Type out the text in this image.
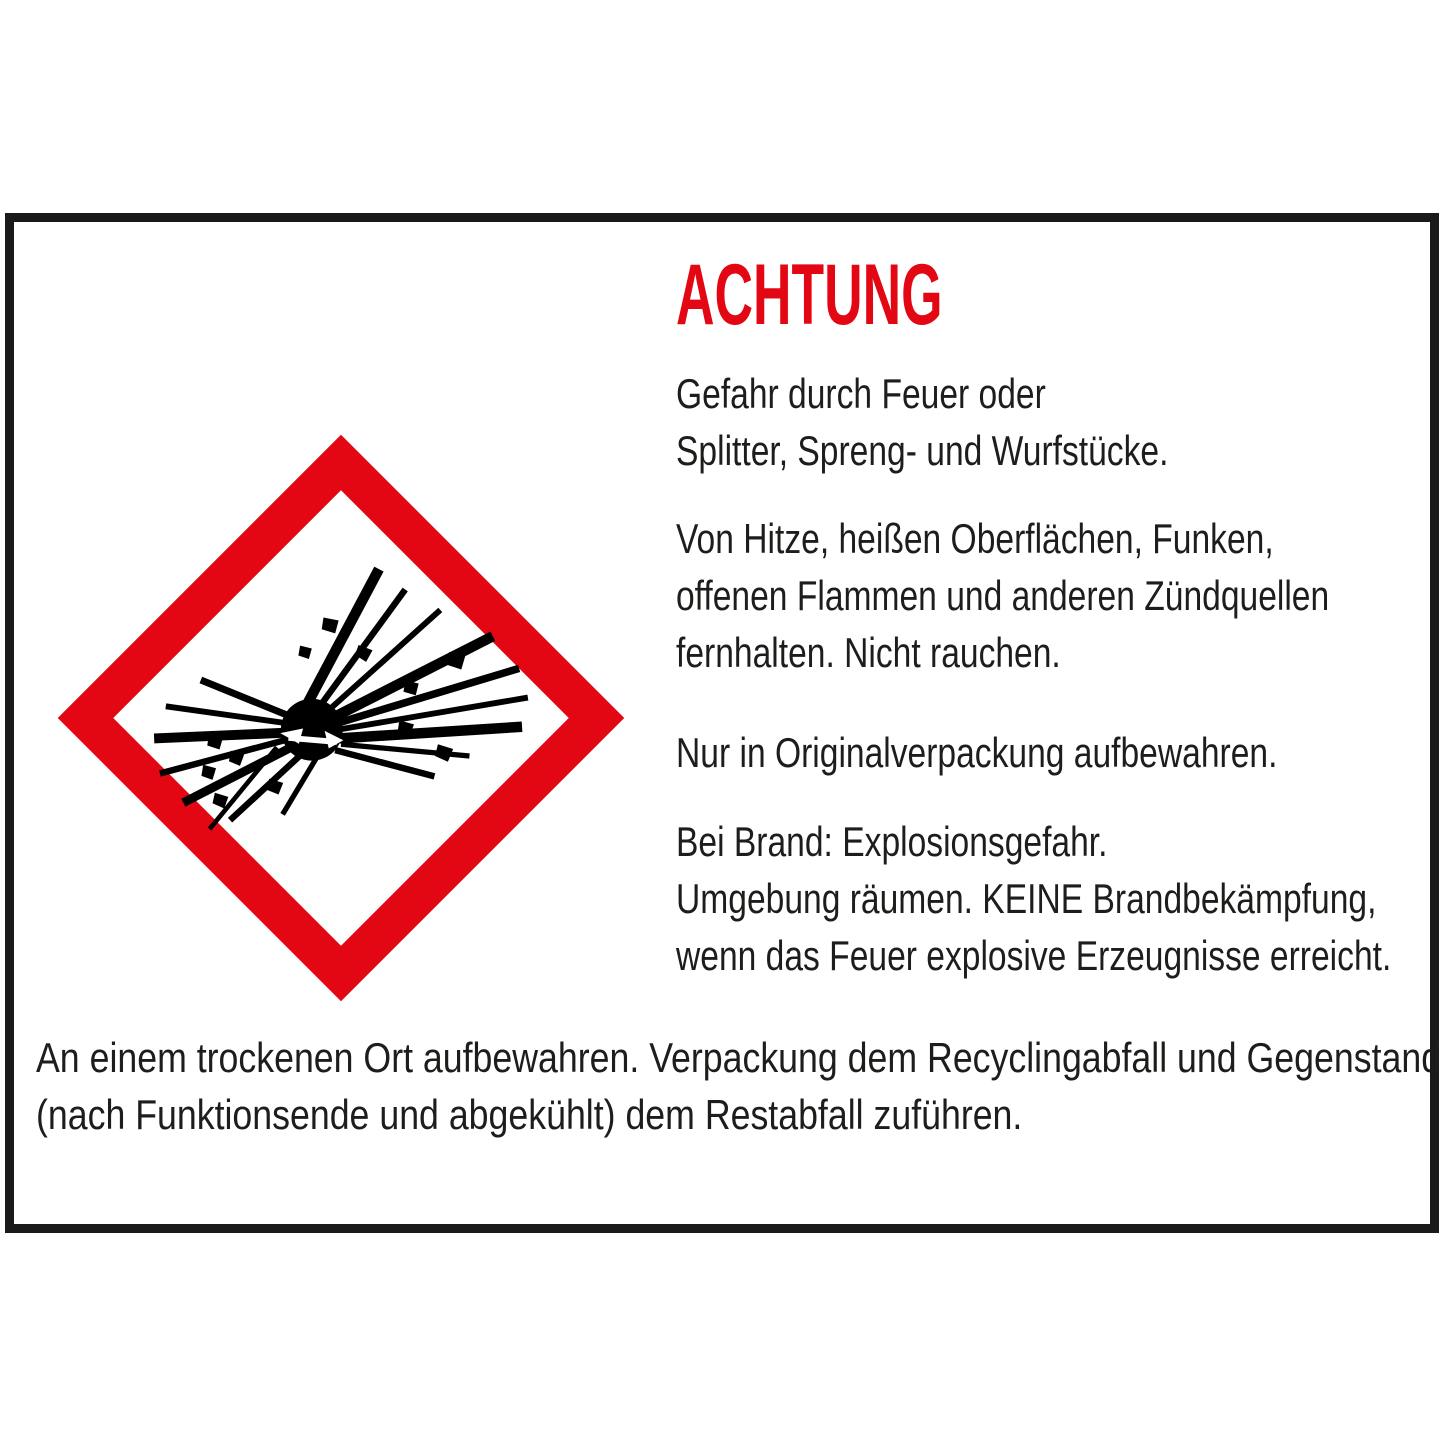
ACHTUNG
Gefahr durch Feuer oder
Splitter, Spreng- und Wurfstücke.
Von Hitze, heißen Oberflächen, Funken,
offenen Flammen und anderen Zündquellen
fernhalten. Nicht rauchen.
Nur in Originalverpackung aufbewahren.
Bei Brand: Explosionsgefahr.
Umgebung räumen. KEINE Brandbekämpfung,
wenn das Feuer explosive Erzeugnisse erreicht.
An einem trockenen Ort aufbewahren. Verpackung dem Recyclingabfall und Gegenstand
(nach Funktionsende und abgekühlt) dem Restabfall zuführen.
